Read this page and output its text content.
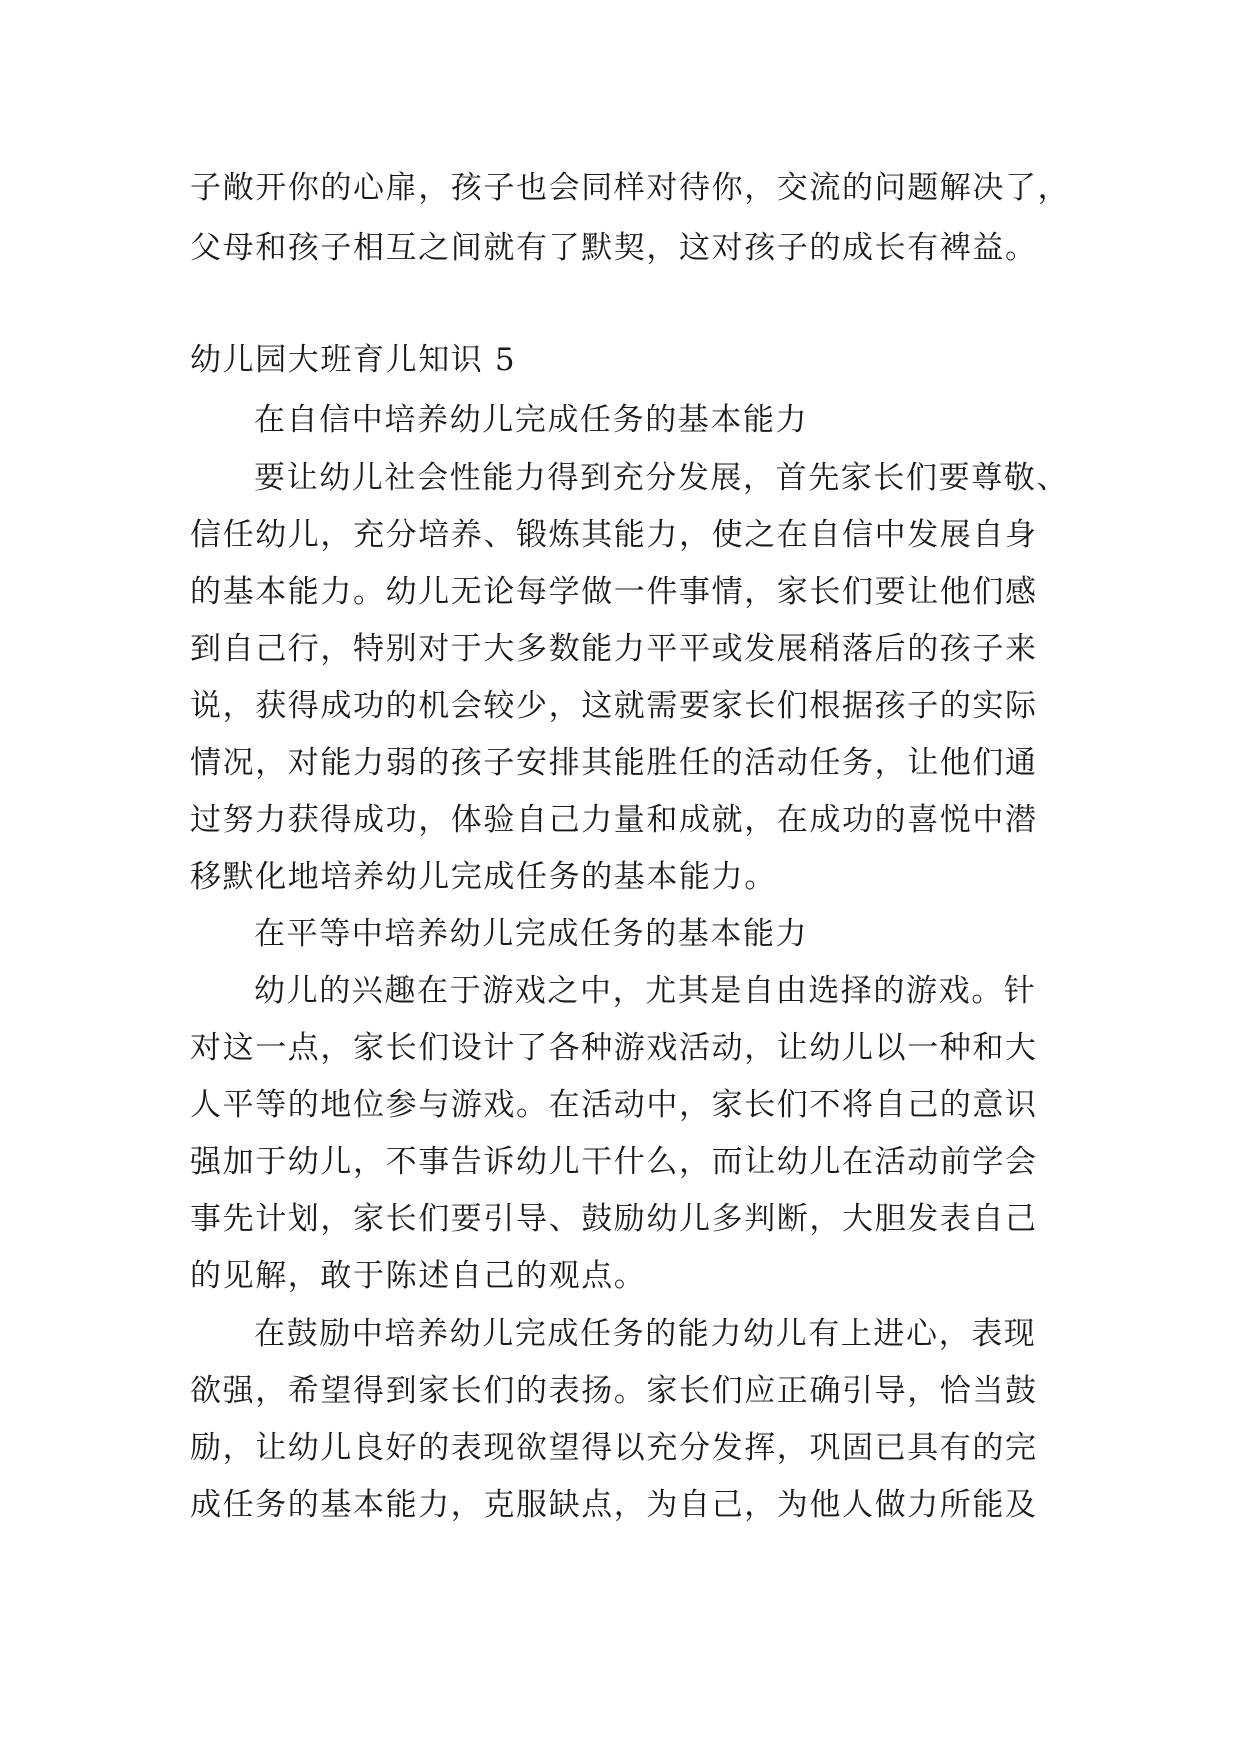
子敞开你的心扉，孩子也会同样对待你，交流的问题解决了，
父母和孩子相互之间就有了默契，这对孩子的成长有裨益。
幼儿园大班育儿知识 5
在自信中培养幼儿完成任务的基本能力
要让幼儿社会性能力得到充分发展，首先家长们要尊敬、
信任幼儿，充分培养、锻炼其能力，使之在自信中发展自身
的基本能力。幼儿无论每学做一件事情，家长们要让他们感
到自己行，特别对于大多数能力平平或发展稍落后的孩子来
说，获得成功的机会较少，这就需要家长们根据孩子的实际
情况，对能力弱的孩子安排其能胜任的活动任务，让他们通
过努力获得成功，体验自己力量和成就，在成功的喜悦中潜
移默化地培养幼儿完成任务的基本能力。
在平等中培养幼儿完成任务的基本能力
幼儿的兴趣在于游戏之中，尤其是自由选择的游戏。针
对这一点，家长们设计了各种游戏活动，让幼儿以一种和大
人平等的地位参与游戏。在活动中，家长们不将自己的意识
强加于幼儿，不事告诉幼儿干什么，而让幼儿在活动前学会
事先计划，家长们要引导、鼓励幼儿多判断，大胆发表自己
的见解，敢于陈述自己的观点。
在鼓励中培养幼儿完成任务的能力幼儿有上进心，表现
欲强，希望得到家长们的表扬。家长们应正确引导，恰当鼓
励，让幼儿良好的表现欲望得以充分发挥，巩固已具有的完
成任务的基本能力，克服缺点，为自己，为他人做力所能及
